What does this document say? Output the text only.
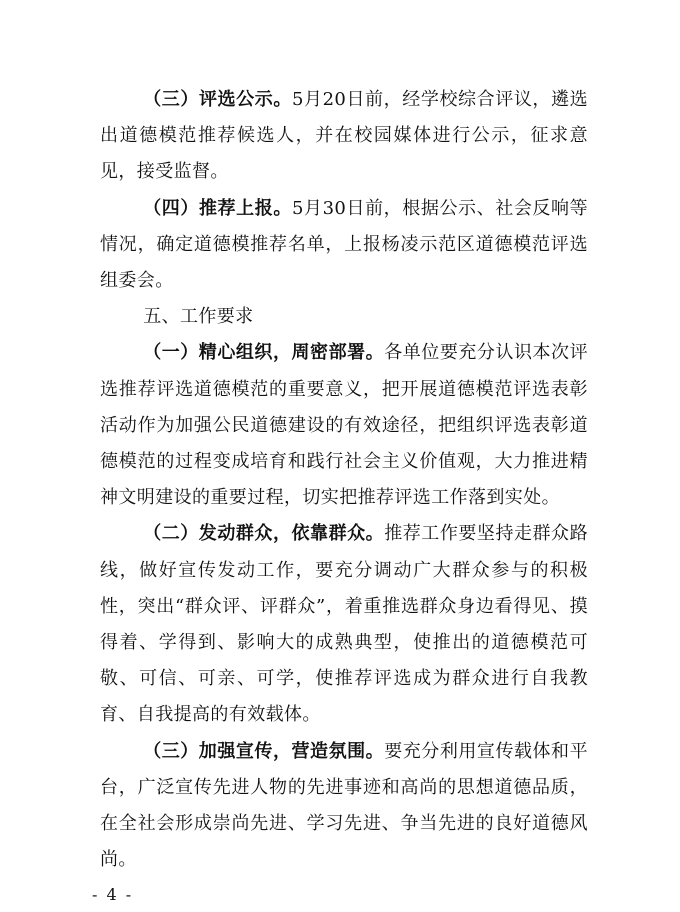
（三）评选公示。5月20日前，经学校综合评议，遴选出道德模范推荐候选人，并在校园媒体进行公示，征求意见，接受监督。

（四）推荐上报。5月30日前，根据公示、社会反响等情况，确定道德模推荐名单，上报杨凌示范区道德模范评选组委会。

五、工作要求

（一）精心组织，周密部署。各单位要充分认识本次评选推荐评选道德模范的重要意义，把开展道德模范评选表彰活动作为加强公民道德建设的有效途径，把组织评选表彰道德模范的过程变成培育和践行社会主义价值观，大力推进精神文明建设的重要过程，切实把推荐评选工作落到实处。

（二）发动群众，依靠群众。推荐工作要坚持走群众路线，做好宣传发动工作，要充分调动广大群众参与的积极性，突出“群众评、评群众”，着重推选群众身边看得见、摸得着、学得到、影响大的成熟典型，使推出的道德模范可敬、可信、可亲、可学，使推荐评选成为群众进行自我教育、自我提高的有效载体。

（三）加强宣传，营造氛围。要充分利用宣传载体和平台，广泛宣传先进人物的先进事迹和高尚的思想道德品质，在全社会形成崇尚先进、学习先进、争当先进的良好道德风尚。

- 4 -
